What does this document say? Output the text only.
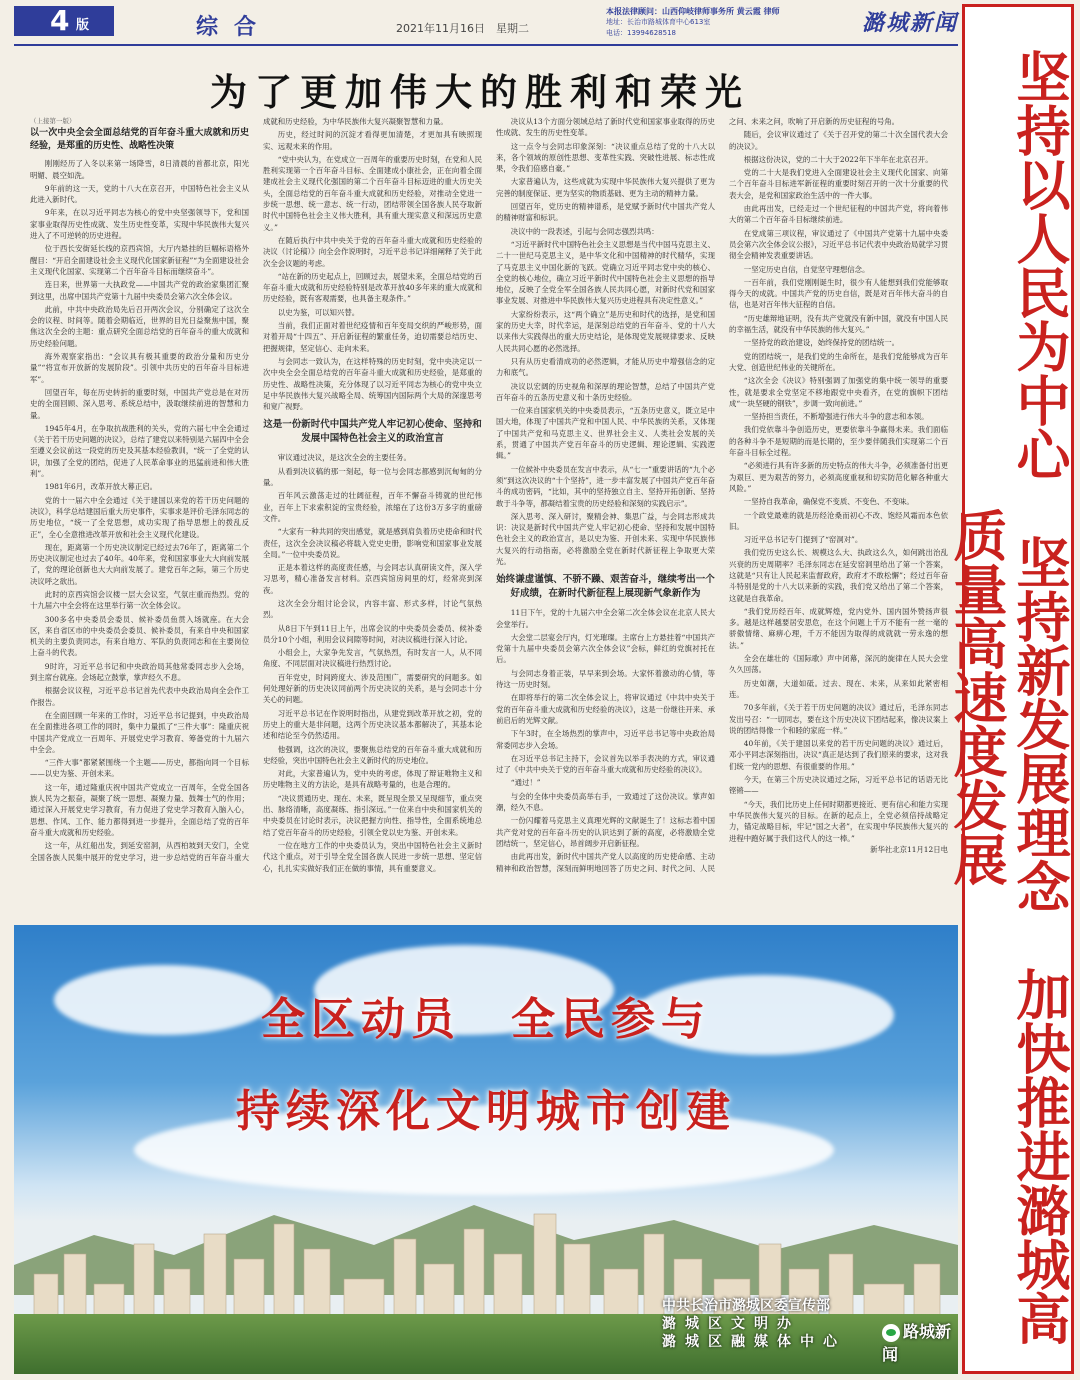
4 版	综合	2021年11月16日　星期二
本报法律顾问：山西仰岐律师事务所 黄云霞 律师
地址：长治市路城体育中心613室
电话：13994628518	潞城新闻
为了更加伟大的胜利和荣光
（上接第一版）
以一次中央全会全面总结党的百年奋斗重大成就和历史经验，是郑重的历史性、战略性决策

刚刚经历了入冬以来第一场降雪，8日清晨的首都北京，阳光明媚、晨空如洗。

9年前的这一天，党的十八大在京召开，中国特色社会主义从此进入新时代。

9年来，在以习近平同志为核心的党中央坚强领导下，党和国家事业取得历史性成就、发生历史性变革，实现中华民族伟大复兴进入了不可逆转的历史进程。

位于西长安街延长线的京西宾馆，大厅内悬挂的巨幅标语格外醒目：“开启全面建设社会主义现代化国家新征程”“为全面建设社会主义现代化国家、实现第二个百年奋斗目标而继续奋斗”。

连日来，世界第一大执政党——中国共产党的政治家集团汇聚到这里，出席中国共产党第十九届中央委员会第六次全体会议。

此前，中共中央政治局先后召开两次会议，分别确定了这次全会的议程、时间等。随着会期临近，世界的目光日益聚焦中国，聚焦这次全会的主题：重点研究全面总结党的百年奋斗的重大成就和历史经验问题。

海外观察家指出：“会议具有极其重要的政治分量和历史分量”“将宣布开放新的发展阶段”。引领中共历史的百年奋斗目标进军”。

回望百年，每在历史转折的重要时刻，中国共产党总是在对历史的全面回顾、深入思考、系统总结中，汲取继续前进的智慧和力量。

1945年4月，在争取抗战胜利的关头，党的六届七中全会通过《关于若干历史问题的决议》，总结了建党以来特别是六届四中全会至遵义会议前这一段党的历史及其基本经验教训，“统一了全党的认识，加强了全党的团结，促进了人民革命事业的迅猛前进和伟大胜利”。

1981年6月，改革开放大幕正启。

党的十一届六中全会通过《关于建国以来党的若干历史问题的决议》，科学总结建国后重大历史事件，实事求是评价毛泽东同志的历史地位，“统一了全党思想，成功实现了指导思想上的拨乱反正”，全心全意推进改革开放和社会主义现代化建设。

现在，距离第一个历史决议制定已经过去76年了，距离第二个历史决议制定也过去了40年。40年来，党和国家事业大大向前发展了，党的理论创新也大大向前发展了。建党百年之际，第三个历史决议呼之欲出。

此时的京西宾馆会议楼一层大会议室，气氛庄重而热烈。党的十九届六中全会将在这里举行第一次全体会议。

300多名中央委员会委员、候补委员鱼贯入场就座。在大会区，来自省区市的中央委员会委员、候补委员，有来自中央和国家机关的主要负责同志，有来自地方、军队的负责同志和在主要岗位上奋斗的代表。

9时许，习近平总书记和中央政治局其他常委同志步入会场，到主席台就座。会场起立鼓掌，掌声经久不息。

根据会议议程，习近平总书记首先代表中央政治局向全会作工作报告。

在全面回顾一年来的工作时，习近平总书记提到，中央政治局在全面推进各项工作的同时，集中力量抓了“三件大事”：隆重庆祝中国共产党成立一百周年、开展党史学习教育、筹备党的十九届六中全会。

“三件大事”都紧紧围绕一个主题——历史，都指向同一个目标——以史为鉴、开创未来。

这一年，通过隆重庆祝中国共产党成立一百周年，全党全国各族人民为之振奋，凝聚了统一思想、凝聚力量、鼓舞士气的作用；通过深入开展党史学习教育，有力促进了党史学习教育入脑入心，思想、作风、工作、能力都得到进一步提升，全面总结了党的百年奋斗重大成就和历史经验。

这一年，从红船出发，到延安窑洞，从西柏坡到天安门，全党全国各族人民集中展开的党史学习，进一步总结党的百年奋斗重大成就和历史经验，为中华民族伟大复兴凝聚智慧和力量。

历史，经过时间的沉淀才看得更加清楚，才更加具有映照现实、远观未来的作用。

“党中央认为，在党成立一百周年的重要历史时刻，在党和人民胜利实现第一个百年奋斗目标、全面建成小康社会，正在向着全面建成社会主义现代化强国的第二个百年奋斗目标迈进的重大历史关头，全面总结党的百年奋斗重大成就和历史经验，对推动全党进一步统一思想、统一意志、统一行动，团结带领全国各族人民夺取新时代中国特色社会主义伟大胜利，具有重大现实意义和深远历史意义。”

在随后执行中共中央关于党的百年奋斗重大成就和历史经验的决议（讨论稿）》向全会作说明时，习近平总书记详细阐释了关于此次全会议题的考虑。

“站在新的历史起点上，回顾过去，展望未来，全面总结党的百年奋斗重大成就和历史经验特别是改革开放40多年来的重大成就和历史经验，既有客观需要，也具备主观条件。”

以史为鉴，可以知兴替。

当前，我们正面对着世纪疫情和百年变局交织的严峻形势，面对着开局“十四五”、开启新征程的繁重任务，迫切需要总结历史、把握规律，坚定信心、走向未来。

与会同志一致认为，在这样特殊的历史时刻，党中央决定以一次中央全会全面总结党的百年奋斗重大成就和历史经验，是郑重的历史性、战略性决策，充分体现了以习近平同志为核心的党中央立足中华民族伟大复兴战略全局、统筹国内国际两个大局的深邃思考和宽广视野。

这是一份新时代中国共产党人牢记初心使命、坚持和发展中国特色社会主义的政治宣言

审议通过决议，是这次全会的主要任务。

从看到决议稿的那一刻起，每一位与会同志都感到沉甸甸的分量。

百年风云激荡走过的壮阔征程，百年不懈奋斗铸就的世纪伟业，百年上下求索积淀的宝贵经验，浓缩在了这份3万多字的重磅文件。

“大家有一种共同的突出感觉，就是感到肩负着历史使命和时代责任，这次全会决议稿必将载入党史史册，影响党和国家事业发展全局。”一位中央委员说。

正是本着这样的高度责任感，与会同志认真研读文件，深入学习思考，精心准备发言材料。京西宾馆房间里的灯，经常亮到深夜。

这次全会分组讨论会议，内容丰富、形式多样，讨论气氛热烈。

从8日下午到11日上午，出席会议的中央委员会委员、候补委员分10个小组，利用会议间隙等时间，对决议稿进行深入讨论。

小组会上，大家争先发言，气氛热烈，有时发言一人，从不同角度、不同层面对决议稿进行热烈讨论。

百年党史，时间跨度大、涉及范围广，需要研究的问题多。如何处理好新的历史决议同前两个历史决议的关系，是与会同志十分关心的问题。

习近平总书记在作说明时指出，从建党到改革开放之初，党的历史上的重大是非问题，这两个历史决议基本都解决了，其基本论述和结论至今仍然适用。

他强调，这次的决议，要聚焦总结党的百年奋斗重大成就和历史经验，突出中国特色社会主义新时代的历史地位。

对此，大家普遍认为，党中央的考虑，体现了辩证唯物主义和历史唯物主义的方法论，是具有战略考量的，也是合理的。

“决议贯通历史、现在、未来，既呈现全景又呈现细节，重点突出、脉络清晰，高度凝练、指引深远。”一位来自中央和国家机关的中央委员在讨论时表示，决议把握方向性、指导性，全面系统地总结了党百年奋斗的历史经验，引领全党以史为鉴、开创未来。

一位在地方工作的中央委员认为，突出中国特色社会主义新时代这个重点，对于引导全党全国各族人民进一步统一思想、坚定信心，扎扎实实做好我们正在做的事情，具有重要意义。

决议从13个方面分领域总结了新时代党和国家事业取得的历史性成就、发生的历史性变革。

这一点令与会同志印象深刻：“决议重点总结了党的十八大以来，各个领域的原创性思想、变革性实践、突破性进展、标志性成果，令我们倍感自豪。”

大家普遍认为，这些成就为实现中华民族伟大复兴提供了更为完善的制度保证、更为坚实的物质基础、更为主动的精神力量。

回望百年，党历史的精神谱系，是党赋予新时代中国共产党人的精神财富和标识。

决议中的一段表述，引起与会同志强烈共鸣：

“习近平新时代中国特色社会主义思想是当代中国马克思主义、二十一世纪马克思主义，是中华文化和中国精神的时代精华，实现了马克思主义中国化新的飞跃。党确立习近平同志党中央的核心、全党的核心地位，确立习近平新时代中国特色社会主义思想的指导地位，反映了全党全军全国各族人民共同心愿，对新时代党和国家事业发展、对推进中华民族伟大复兴历史进程具有决定性意义。”

大家纷纷表示，这“两个确立”是历史和时代的选择，是党和国家的历史大幸，时代幸运，是深刻总结党的百年奋斗、党的十八大以来伟大实践得出的重大历史结论，是体现党发展规律要求、反映人民共同心愿的必然选择。

只有从历史看清成功的必然逻辑，才能从历史中增强信念的定力和底气。

决议以宏阔的历史视角和深厚的理论智慧，总结了中国共产党百年奋斗的五条历史意义和十条历史经验。

一位来自国家机关的中央委员表示，“五条历史意义，既立足中国大地，体现了中国共产党和中国人民、中华民族的关系，又体现了中国共产党和马克思主义、世界社会主义、人类社会发展的关系，贯通了中国共产党百年奋斗的历史逻辑、理论逻辑、实践逻辑。”

一位候补中央委员在发言中表示，从“七一”重要讲话的“九个必须”到这次决议的“十个坚持”，进一步丰富发展了中国共产党百年奋斗的成功密码，“比如，其中的坚持独立自主、坚持开拓创新、坚持敢于斗争等，都凝结着宝贵的历史经验和深刻的实践启示”。

深入思考、深入研讨，聚精会神、集思广益，与会同志形成共识：决议是新时代中国共产党人牢记初心使命、坚持和发展中国特色社会主义的政治宣言，是以史为鉴、开创未来、实现中华民族伟大复兴的行动指南，必将激励全党在新时代新征程上争取更大荣光。

始终谦虚谨慎、不骄不躁、艰苦奋斗，继续考出一个好成绩，在新时代新征程上展现新气象新作为

11日下午，党的十九届六中全会第二次全体会议在北京人民大会堂举行。

大会堂二层宴会厅内，灯光璀璨。主席台上方悬挂着“中国共产党第十九届中央委员会第六次全体会议”会标，鲜红的党旗衬托在后。

与会同志身着正装，早早来到会场。大家怀着激动的心情，等待这一历史时刻。

在即将举行的第二次全体会议上，将审议通过《中共中央关于党的百年奋斗重大成就和历史经验的决议》，这是一份继往开来、承前启后的光辉文献。

下午3时，在全场热烈的掌声中，习近平总书记等中央政治局常委同志步入会场。

在习近平总书记主持下，会议首先以举手表决的方式，审议通过了《中共中央关于党的百年奋斗重大成就和历史经验的决议》。

“通过！”

与会的全体中央委员高举右手，一致通过了这份决议。掌声如潮，经久不息。

一份闪耀着马克思主义真理光辉的文献诞生了！这标志着中国共产党对党的百年奋斗历史的认识达到了新的高度，必将激励全党团结统一，坚定信心，昂首阔步开启新征程。

由此再出发，新时代中国共产党人以高度的历史使命感、主动精神和政治智慧，深刻而鲜明地回答了历史之问、时代之问、人民之问、未来之问，吹响了开启新的历史征程的号角。

随后，会议审议通过了《关于召开党的第二十次全国代表大会的决议》。

根据这份决议，党的二十大于2022年下半年在北京召开。

党的二十大是我们党进入全面建设社会主义现代化国家、向第二个百年奋斗目标进军新征程的重要时刻召开的一次十分重要的代表大会，是党和国家政治生活中的一件大事。

由此再出发，已经走过一个世纪征程的中国共产党，将向着伟大的第二个百年奋斗目标继续前进。

在党成第三项议程，审议通过了《中国共产党第十九届中央委员会第六次全体会议公报》，习近平总书记代表中央政治局就学习贯彻全会精神发表重要讲话。

一坚定历史自信，自觉坚守理想信念。

一百年前，我们党刚刚诞生时，很少有人能想到我们党能够取得今天的成就。中国共产党的历史自信，既是对百年伟大奋斗的自信，也是对百年伟大征程的自信。

“历史雄辩地证明，没有共产党就没有新中国，就没有中国人民的幸福生活，就没有中华民族的伟大复兴。”

一坚持党的政治建设，始终保持党的团结统一。

党的团结统一，是我们党的生命所在，是我们党能够成为百年大党、创造世纪伟业的关键所在。

“这次全会《决议》特别强调了加强党的集中统一领导的重要性，就是要求全党坚定不移地跟党中央看齐，在党的旗帜下团结成“一块坚硬的钢铁”，步调一致向前进。”

一坚持担当责任，不断增强进行伟大斗争的意志和本领。

我们党依靠斗争创造历史，更要依靠斗争赢得未来。我们面临的各种斗争不是短期的而是长期的，至少要伴随我们实现第二个百年奋斗目标全过程。

“必须进行具有许多新的历史特点的伟大斗争，必须准备付出更为艰巨、更为艰苦的努力，必须高度重视和切实防范化解各种重大风险。”

一坚持自我革命，确保党不变质、不变色、不变味。

一个政党最难的就是历经沧桑而初心不改、饱经风霜而本色依旧。

习近平总书记专门提到了“窑洞对”。

我们党历史这么长、规模这么大、执政这么久，如何跳出治乱兴衰的历史周期率？毛泽东同志在延安窑洞里给出了第一个答案，这就是“只有让人民起来监督政府，政府才不敢松懈”；经过百年奋斗特别是党的十八大以来新的实践，我们党又给出了第二个答案，这就是自我革命。

“我们党历经百年、成就辉煌，党内党外、国内国外赞扬声很多。越是这样越要居安思危，在这个问题上千万不能有一丝一毫的骄傲情绪、麻痹心理，千万不能因为取得的成就就一劳永逸的想法。”

全会在雄壮的《国际歌》声中闭幕，深沉的旋律在人民大会堂久久回荡。

历史如潮，大道如砥。过去、现在、未来，从来如此紧密相连。

70多年前，《关于若干历史问题的决议》通过后，毛泽东同志发出号召：“一切同志，要在这个历史决议下团结起来，像决议案上说的团结得像一个和睦的家庭一样。”

40年前，《关于建国以来党的若干历史问题的决议》通过后，邓小平同志深刻指出，决议“真正是达到了我们原来的要求，这对我们统一党内的思想、有很重要的作用。”

今天，在第三个历史决议通过之际，习近平总书记的话语无比铿锵——

“今天，我们比历史上任何时期都更接近、更有信心和能力实现中华民族伟大复兴的目标。在新的起点上，全党必须倍持战略定力，锚定战略目标，牢记“国之大者”，在实现中华民族伟大复兴的进程中跑好属于我们这代人的这一棒。”

新华社北京11月12日电	坚持以人民为中心　坚持新发展理念　加快推进潞城高质量高速度发展
全区动员　全民参与
持续深化文明城市创建
中共长治市潞城区委宣传部
潞城区文明办
潞城区融媒体中心
路城新闻
